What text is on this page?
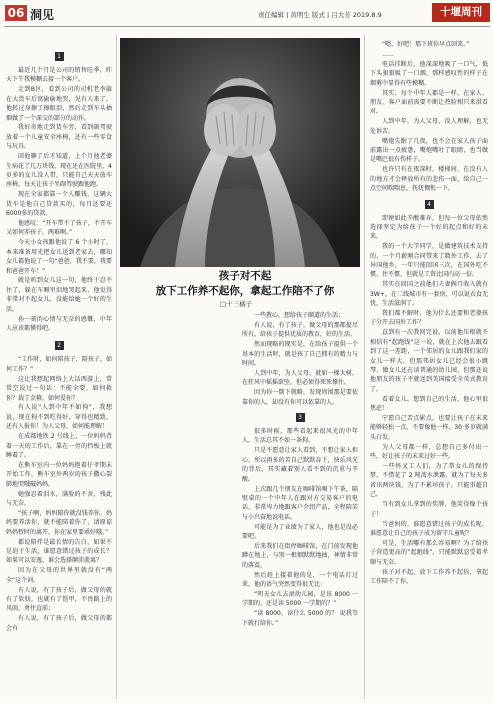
06 洞见	责任编辑 | 黄明生 版式 | 吕大芳 2019.8.9	十堰周刊
1

最近几个月是公司的销售旺季，昨天下午我模糊去接一个客户。

走到B区，看到公司的司机老李躲在大货车后窝偷偷地哭，见有人来了，他转过身擦了擦眼泪，然后走到车头抽烟做了一个深交的部分的动作。

我好奇地走到货车旁，看到副驾驶放着一个儿童安全座椅，还有一些零食与玩具。

回他聊了后才知道，上个月他老婆生病花了几万块钱，现在还在医院里，4岁多的女儿没人带，只能自己天天放车座椅，每天让孩子坐副驾驶跟他跑。

现在全家都靠一个人赚钱，这辆大货车是他自己贷款买的，每月还要还6000多的贷款。

他感叹：“开车带不了孩子，不开车又如何养孩子，两难啊。”

今天小女孩跟他说了 6 个小时了，本来准备用光把女儿送到老家去，哪知女儿都他说了一句“爸爸，我不要，我要和爸爸开车！”

就是听到女儿这一句，他终于忍不住了，躲在车厢里泪地哭起来，他觉得非常对不起女儿，没能给她一个好的生活。

孙一刻的心情与无奈的感慨，中年人应该都懂得吧。

2

“工作时，如何陪孩子，陪孩子，如何工作？”

这让我想起网络上大话西游上，常常空说过一句话：不能全要，如何救你？载了金箍，如何爱你？

有人说“人到中年不如狗”，我想说，现在狗不到吃得好，穿得也精致，还有人报你！为人父母，如何能理解！

在成都地铁 2 号线上，一位妈妈背着一天的工作后，靠在一旁的挡板上就睡着了。

在熊车室内一位妈妈抱着仔孝期未开始工作，熊车室外两岁的孩子撒心裂肺地哭哦破妈妈。

她强忍着泪水，满脸的不舍，残此与无奈。

“孩子啊，妈妈陪你就没钱养你，妈妈要养活你，就不能陪着你了，请原谅妈妈暂时的离开，你在家里要乖好哦。”

都说陪伴是最长情的告白，如果不是迫于生活，谁愿意错过孩子的成长？如果可以安逸，谁会选择颠沛流离？

因为在父母的世界里就没有“两全”这个词。

有人说，有了孩子后，做父母的就有了软肋，也就有了铠甲，不畏路上的风雨，勇往直前；

有人说，有了孩子后，做父母的都会有

孩子对不起
放下工作养不起你，拿起工作陪不了你
□十三橘子

一些教心，想给孩子顺道的生活；

有人说，有了孩子，做父母的那都提尽所有，给孩子提供优质的教育，好的生活。

然而现略的现实是，在给孩子提供一个基本的生活时，就是孩了自己拥有的精力与时间。

人到中年，为人父母，就如一棵大树，在狂风中摇摇欲坠，但必须得死死撑住。

因为你一倒下就略，发现周围那是要依靠你的人，却没有你可以依靠的人。

3

很多时候，那些看起来很风光的中年人，生活总其不如一条狗。

只是不愿意让家人看到，不想让家人担心，所以再多的苦自己默默吞下，快乐风光的背后，其实藏着别人看不到的沉重与辛酸。

上次跟几个朋友在咖啡馆喝下午茶，隔壁桌的一个中年人在跟对方交易客户的电话，非常卑力地跟客户介绍产品，全程陪笑与小兴奋地说电话。

可能是为了业绩为了家人，他也是没必要吧。

后来我们在街停咖啡馆，在门前发现他蹲在地上，与别一根烟默默地抽，神情非常的落寞。

然后趁上接着他的是，一个电话打过来，他的语气突然变得很无比：

“明天女儿去滚幼儿园，是该 8000 一学期的，还是读 5000 一学期的？”

“读 8000，读什么 5000 的？ 说我等下就打给你。”

“嗯，好吧！那下班你早点回来。”

……

电话挂断后，他深深地吸了一口气，低下头狠狠吸了一口烟，那样感叹性的样子在烟雾中显得有些模糊。

其实，每个中年人都是一样，在家人、朋友、客户面前需要不断让热脸相只来泪看对。

人到中年，为人父母，没人理解，也无处诉苦。

嘴炮失眠了几夜，也不会在家人孩子面前露出一点疲惫，嘴炮嘴吐了眼睛，也当做是嘴巴很有伤样子。

也许只有在夜深时，楼梯间，在没有人的地方才会释放所有的悲伤一面，给自己一点空间喘喘息，抚抚惆怅一下。

4

即便如此辛酸难弃，但每一位父母依然选择坚定为给孩子一个好的起点和好的未来。

我的一个大学同学，是做建筑技术支持的，一个月薪刚合同带来了数外工作，去了异国他乡，一年只能回国三次，在国外吃不惯、住不惯，但就是工资比国内高一倍。

其实在回国之前他们夫妻俩月收入就有 3W+，在二线城市有一套房，可以说衣食无忧，生活滋润了。

我们都不解时，他为什么还要和老婆孩子分开去国外工作？

直到有一次我问完说，以前他压根就不相信有“起跑线”这一说，就在上次他去跟看到了这一差距，一个邻居的女儿跟我们家的女儿一样大，但那邻居女儿已经会很小跳琴、做女儿还在读普通的幼儿园，但那还说他朋友的孩子平就送到美国接受全英式教育了。

看着女儿，想到自己的生活，他心里很焦虑！

宁愿自己苦点累点，也要让孩子在未来能够轻松一点，不要像他一样，30 多岁就满头白发。

为人父母都一样，总想自己多付出一些，好让孩子的未来过好一些。

一些怀叉工人们，为了帮女儿的保持梦，不惜花了 2 吨湾水泄露，就为了每天多省出两块钱，为了不累坏孩子，只能事超自己。

当有到女儿拿到的奖牌，他笑得像个孩子！

当爸妈的，谁愿意错过孩子的成长呢，谁愿意让自己的孩子成为留守儿童呢？

可是，生活哪有那么容易啊？为了给孩子营造更高的“起跑线”，只能默默忍受着孝顺与无奈。

孩子对不起，放下工作养不起你，拿起工作陪不了你。
